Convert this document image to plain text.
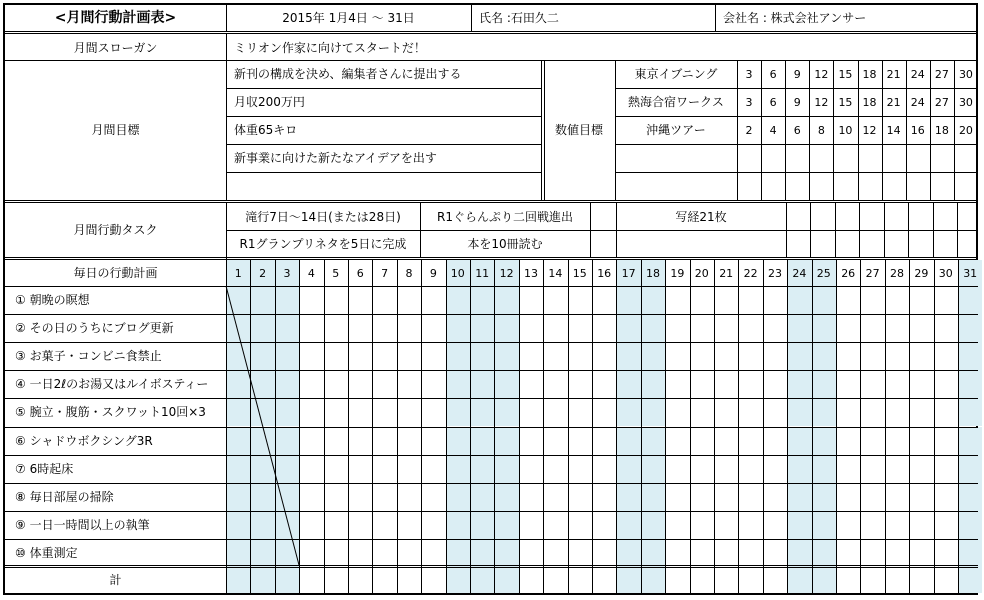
<月間行動計画表>	2015年 1月4日 〜 31日	氏名 :石田久二	会社名 : 株式会社アンサー
月間スローガン	ミリオン作家に向けてスタートだ！
月間目標
新刊の構成を決め、編集者さんに提出する
月収200万円
体重65キロ
新事業に向けた新たなアイデアを出す
数値目標
東京イブニング	3	6	9	12 15 18 21 24 27 30
熱海合宿ワークス	3	6	9	12 15 18 21 24 27 30
沖縄ツアー	2	4	6	8	10 12 14 16 18 20
月間行動タスク
滝行7日〜14日(または28日)	R1ぐらんぷり二回戦進出	写経21枚
R1グランプリネタを5日に完成	本を10冊読む
毎日の行動計画	1	2	3	4	5	6	7	8	9	10 11 12 13 14 15 16 17 18 19 20 21 22 23 24 25 26 27 28 29 30 31
① 朝晩の瞑想
② その日のうちにブログ更新
③ お菓子・コンビニ食禁止
④ 一日2ℓのお湯又はルイボスティー
⑤ 腕立・腹筋・スクワット10回×3
⑥ シャドウボクシング3R
⑦ 6時起床
⑧ 毎日部屋の掃除
⑨ 一日一時間以上の執筆
⑩ 体重測定
計
